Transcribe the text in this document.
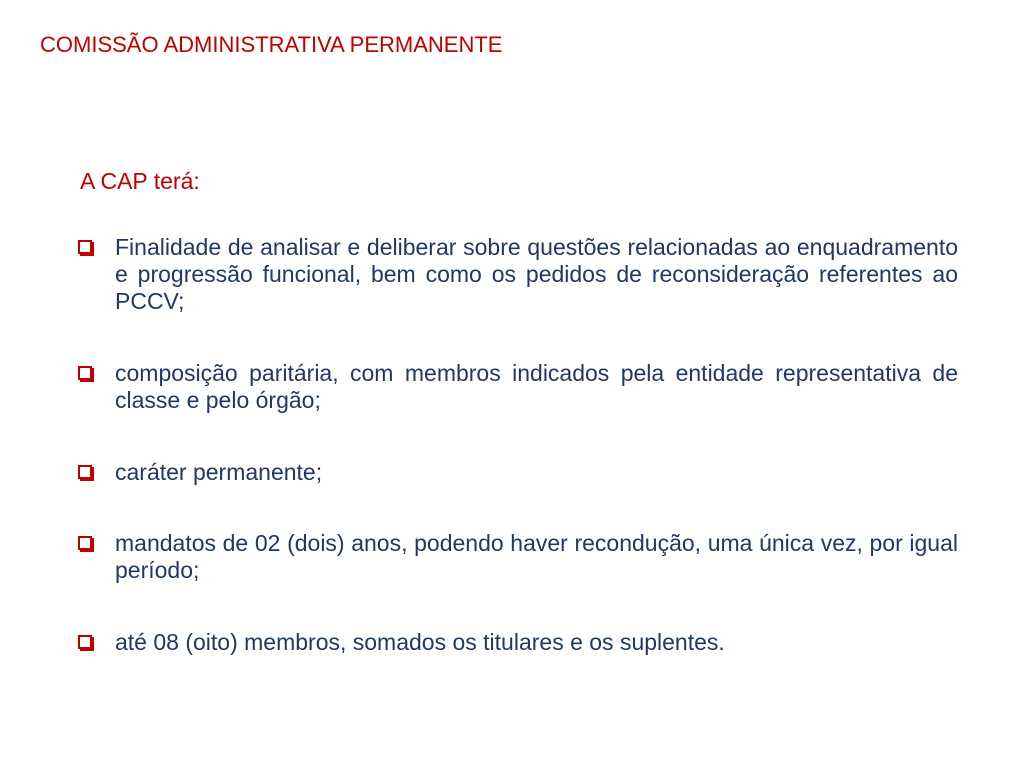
COMISSÃO ADMINISTRATIVA PERMANENTE

A CAP terá:

Finalidade de analisar e deliberar sobre questões relacionadas ao enquadramento e progressão funcional, bem como os pedidos de reconsideração referentes ao PCCV;
composição paritária, com membros indicados pela entidade representativa de classe e pelo órgão;
caráter permanente;
mandatos de 02 (dois) anos, podendo haver recondução, uma única vez, por igual período;
até 08 (oito) membros, somados os titulares e os suplentes.
